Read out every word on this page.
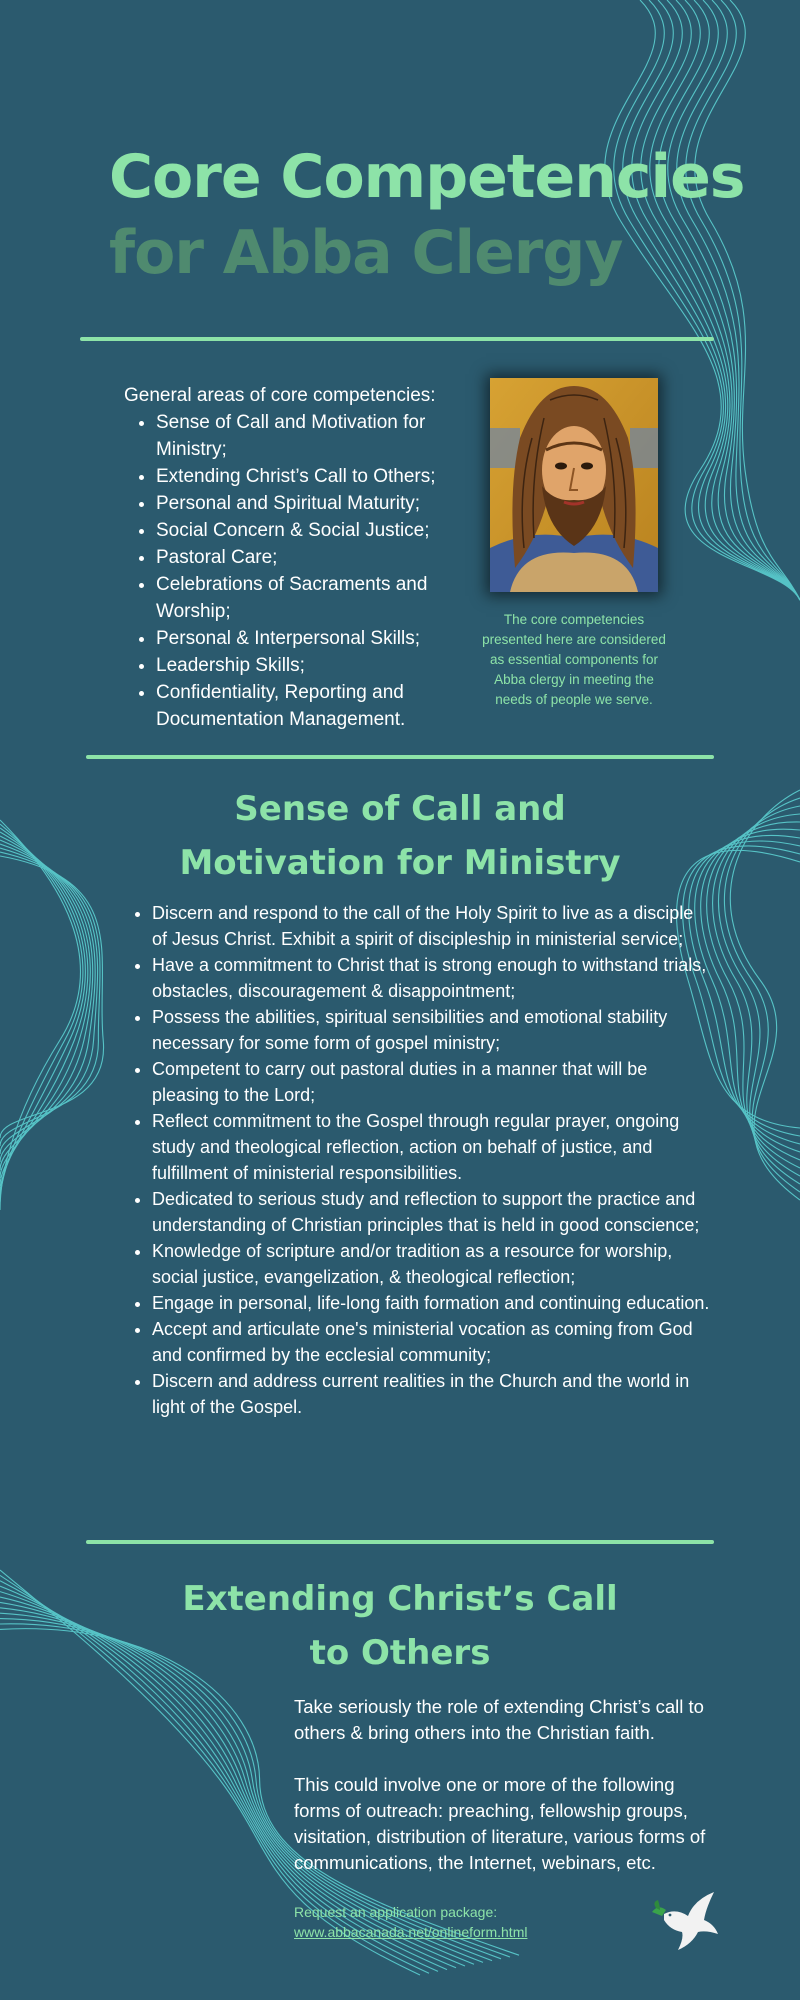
Core Competencies
for Abba Clergy
General areas of core competencies:
• Sense of Call and Motivation for Ministry;
• Extending Christ’s Call to Others;
• Personal and Spiritual Maturity;
• Social Concern & Social Justice;
• Pastoral Care;
• Celebrations of Sacraments and Worship;
• Personal & Interpersonal Skills;
• Leadership Skills;
• Confidentiality, Reporting and Documentation Management.
The core competencies presented here are considered as essential components for Abba clergy in meeting the needs of people we serve.
Sense of Call and
Motivation for Ministry
• Discern and respond to the call of the Holy Spirit to live as a disciple of Jesus Christ. Exhibit a spirit of discipleship in ministerial service;
• Have a commitment to Christ that is strong enough to withstand trials, obstacles, discouragement & disappointment;
• Possess the abilities, spiritual sensibilities and emotional stability necessary for some form of gospel ministry;
• Competent to carry out pastoral duties in a manner that will be pleasing to the Lord;
• Reflect commitment to the Gospel through regular prayer, ongoing study and theological reflection, action on behalf of justice, and fulfillment of ministerial responsibilities.
• Dedicated to serious study and reflection to support the practice and understanding of Christian principles that is held in good conscience;
• Knowledge of scripture and/or tradition as a resource for worship, social justice, evangelization, & theological reflection;
• Engage in personal, life-long faith formation and continuing education.
• Accept and articulate one's ministerial vocation as coming from God and confirmed by the ecclesial community;
• Discern and address current realities in the Church and the world in light of the Gospel.
Extending Christ’s Call
to Others

Take seriously the role of extending Christ’s call to others & bring others into the Christian faith.

This could involve one or more of the following forms of outreach: preaching, fellowship groups, visitation, distribution of literature, various forms of communications, the Internet, webinars, etc.

Request an application package:
www.abbacanada.net/onlineform.html
